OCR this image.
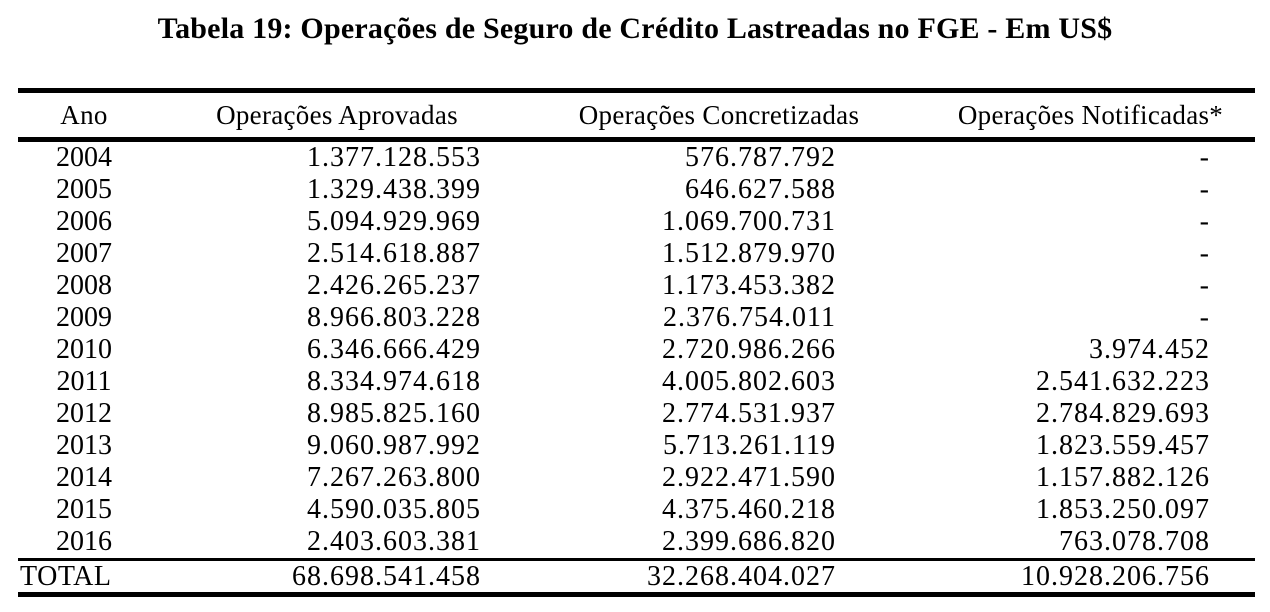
Tabela 19: Operações de Seguro de Crédito Lastreadas no FGE - Em US$
Ano	Operações Aprovadas	Operações Concretizadas	Operações Notificadas*
2004	1.377.128.553	576.787.792	-
2005	1.329.438.399	646.627.588	-
2006	5.094.929.969	1.069.700.731	-
2007	2.514.618.887	1.512.879.970	-
2008	2.426.265.237	1.173.453.382	-
2009	8.966.803.228	2.376.754.011	-
2010	6.346.666.429	2.720.986.266	3.974.452
2011	8.334.974.618	4.005.802.603	2.541.632.223
2012	8.985.825.160	2.774.531.937	2.784.829.693
2013	9.060.987.992	5.713.261.119	1.823.559.457
2014	7.267.263.800	2.922.471.590	1.157.882.126
2015	4.590.035.805	4.375.460.218	1.853.250.097
2016	2.403.603.381	2.399.686.820	763.078.708
TOTAL	68.698.541.458	32.268.404.027	10.928.206.756
